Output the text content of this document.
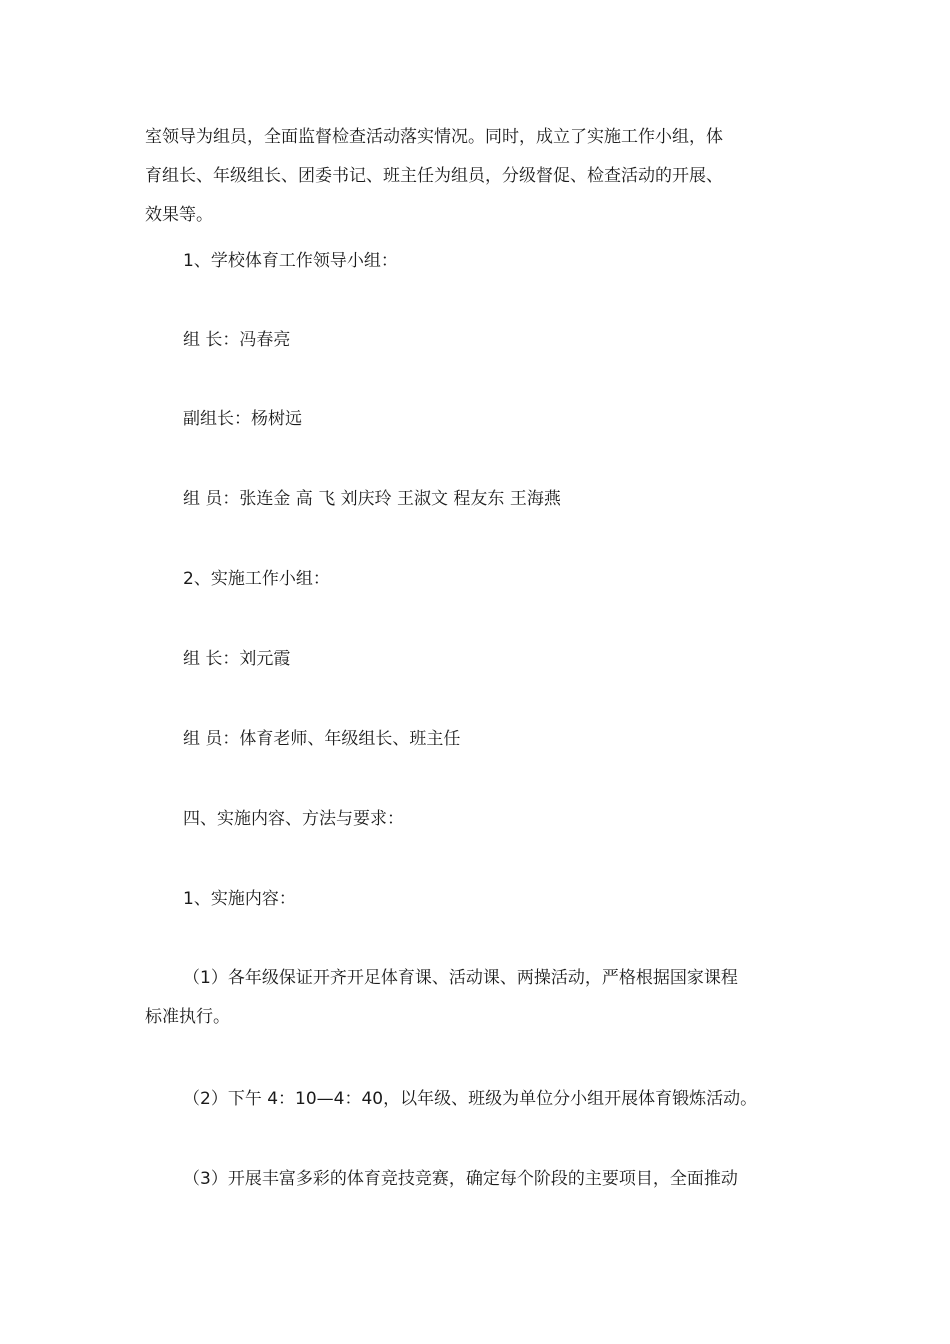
室领导为组员，全面监督检查活动落实情况。同时，成立了实施工作小组，体
育组长、年级组长、团委书记、班主任为组员，分级督促、检查活动的开展、
效果等。

1、学校体育工作领导小组：

组 长：冯春亮

副组长：杨树远

组 员：张连金 高 飞 刘庆玲 王淑文 程友东 王海燕

2、实施工作小组：

组 长：刘元霞

组 员：体育老师、年级组长、班主任

四、实施内容、方法与要求：

1、实施内容：

（1）各年级保证开齐开足体育课、活动课、两操活动，严格根据国家课程
标准执行。

（2）下午 4：10—4：40，以年级、班级为单位分小组开展体育锻炼活动。

（3）开展丰富多彩的体育竞技竞赛，确定每个阶段的主要项目，全面推动
